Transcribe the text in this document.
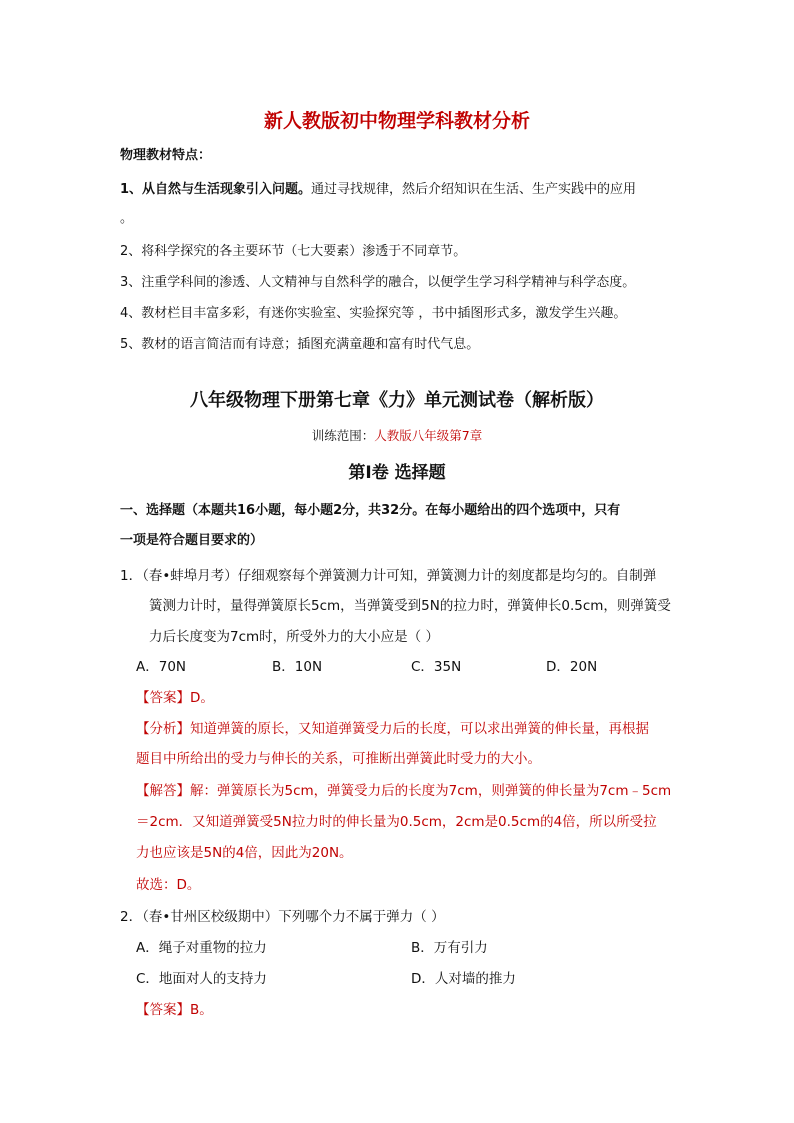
新人教版初中物理学科教材分析
物理教材特点：
1、从自然与生活现象引入问题。通过寻找规律，然后介绍知识在生活、生产实践中的应用
。
2、将科学探究的各主要环节（七大要素）渗透于不同章节。
3、注重学科间的渗透、人文精神与自然科学的融合，以便学生学习科学精神与科学态度。
4、教材栏目丰富多彩，有迷你实验室、实验探究等 ，书中插图形式多，激发学生兴趣。
5、教材的语言简洁而有诗意；插图充满童趣和富有时代气息。
八年级物理下册第七章《力》单元测试卷（解析版）
训练范围：人教版八年级第7章
第Ⅰ卷 选择题
一、选择题（本题共16小题，每小题2分，共32分。在每小题给出的四个选项中，只有
一项是符合题目要求的）
1．（春•蚌埠月考）仔细观察每个弹簧测力计可知，弹簧测力计的刻度都是均匀的。自制弹
簧测力计时，量得弹簧原长5cm，当弹簧受到5N的拉力时，弹簧伸长0.5cm，则弹簧受
力后长度变为7cm时，所受外力的大小应是（ ）
A．70N	B．10N	C．35N	D．20N
【答案】D。
【分析】知道弹簧的原长，又知道弹簧受力后的长度，可以求出弹簧的伸长量，再根据
题目中所给出的受力与伸长的关系，可推断出弹簧此时受力的大小。
【解答】解：弹簧原长为5cm，弹簧受力后的长度为7cm，则弹簧的伸长量为7cm﹣5cm
＝2cm．又知道弹簧受5N拉力时的伸长量为0.5cm，2cm是0.5cm的4倍，所以所受拉
力也应该是5N的4倍，因此为20N。
故选：D。
2．（春•甘州区校级期中）下列哪个力不属于弹力（ ）
A．绳子对重物的拉力	B．万有引力
C．地面对人的支持力	D．人对墙的推力
【答案】B。
